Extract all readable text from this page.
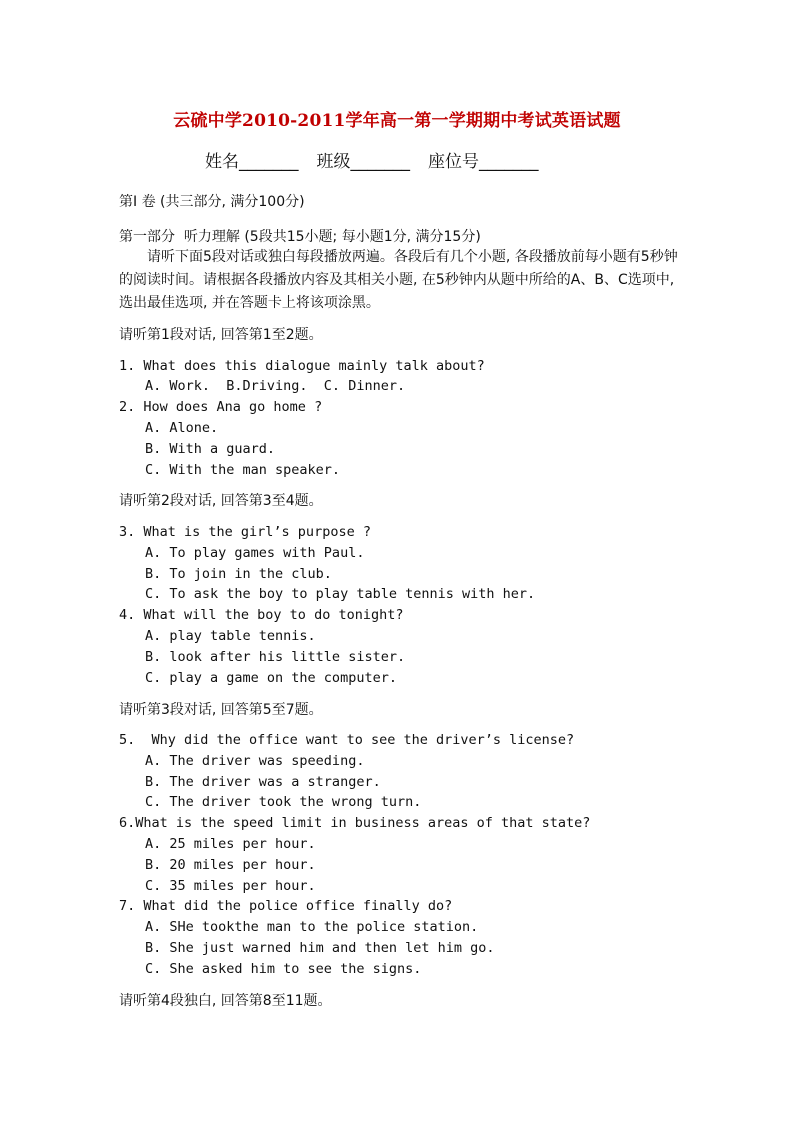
云硫中学2010-2011学年高一第一学期期中考试英语试题
姓名_______ 班级_______ 座位号_______
第I 卷 (共三部分, 满分100分)
第一部分  听力理解 (5段共15小题; 每小题1分, 满分15分)
请听下面5段对话或独白每段播放两遍。各段后有几个小题, 各段播放前每小题有5秒钟的阅读时间。请根据各段播放内容及其相关小题, 在5秒钟内从题中所给的A、B、C选项中, 选出最佳选项, 并在答题卡上将该项涂黑。
请听第1段对话, 回答第1至2题。
1. What does this dialogue mainly talk about?
A. Work.  B.Driving.  C. Dinner.
2. How does Ana go home ?
A. Alone.
B. With a guard.
C. With the man speaker.
请听第2段对话, 回答第3至4题。
3. What is the girl’s purpose ?
A. To play games with Paul.
B. To join in the club.
C. To ask the boy to play table tennis with her.
4. What will the boy to do tonight?
A. play table tennis.
B. look after his little sister.
C. play a game on the computer.
请听第3段对话, 回答第5至7题。
5.  Why did the office want to see the driver’s license?
A. The driver was speeding.
B. The driver was a stranger.
C. The driver took the wrong turn.
6.What is the speed limit in business areas of that state?
A. 25 miles per hour.
B. 20 miles per hour.
C. 35 miles per hour.
7. What did the police office finally do?
A. SHe tookthe man to the police station.
B. She just warned him and then let him go.
C. She asked him to see the signs.
请听第4段独白, 回答第8至11题。
